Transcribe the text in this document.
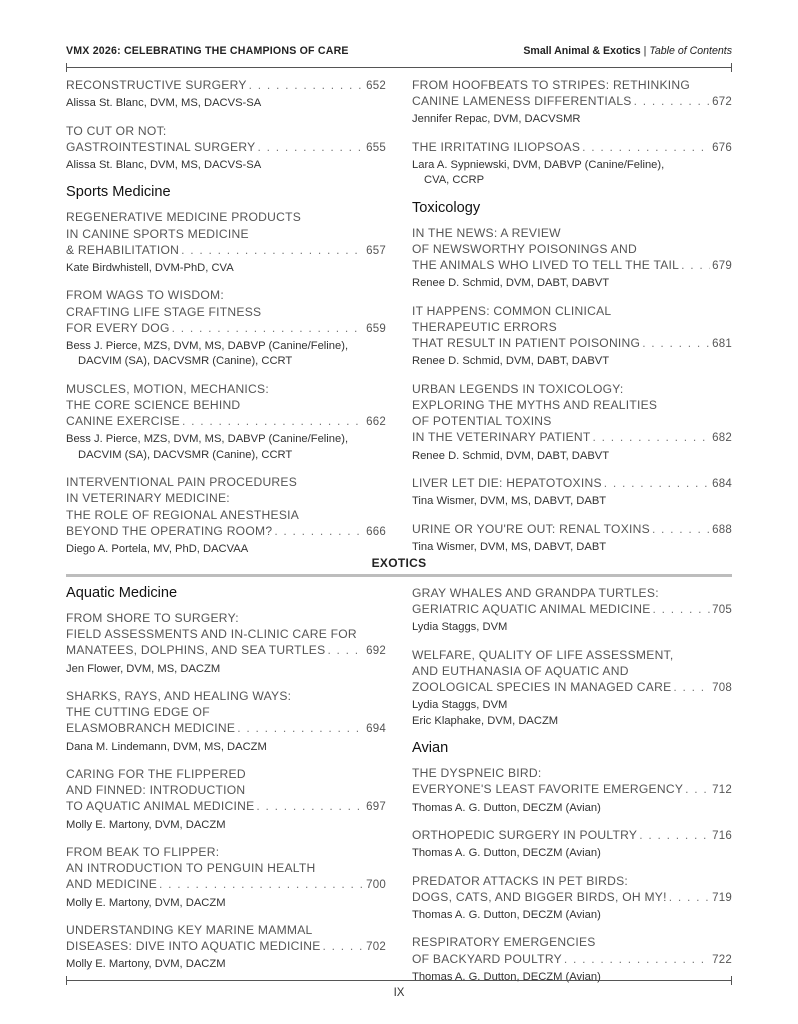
VMX 2026: CELEBRATING THE CHAMPIONS OF CARE	Small Animal & Exotics | Table of Contents
RECONSTRUCTIVE SURGERY . . .	652
Alissa St. Blanc, DVM, MS, DACVS-SA
TO CUT OR NOT:
GASTROINTESTINAL SURGERY . . .	655
Alissa St. Blanc, DVM, MS, DACVS-SA
Sports Medicine
REGENERATIVE MEDICINE PRODUCTS
IN CANINE SPORTS MEDICINE
& REHABILITATION . . .	657
Kate Birdwhistell, DVM-PhD, CVA
FROM WAGS TO WISDOM:
CRAFTING LIFE STAGE FITNESS
FOR EVERY DOG . . .	659
Bess J. Pierce, MZS, DVM, MS, DABVP (Canine/Feline),
DACVIM (SA), DACVSMR (Canine), CCRT
MUSCLES, MOTION, MECHANICS:
THE CORE SCIENCE BEHIND
CANINE EXERCISE . . .	662
Bess J. Pierce, MZS, DVM, MS, DABVP (Canine/Feline),
DACVIM (SA), DACVSMR (Canine), CCRT
INTERVENTIONAL PAIN PROCEDURES
IN VETERINARY MEDICINE:
THE ROLE OF REGIONAL ANESTHESIA
BEYOND THE OPERATING ROOM? . . .	666
Diego A. Portela, MV, PhD, DACVAA
FROM HOOFBEATS TO STRIPES: RETHINKING
CANINE LAMENESS DIFFERENTIALS . . .	672
Jennifer Repac, DVM, DACVSMR
THE IRRITATING ILIOPSOAS . . .	676
Lara A. Sypniewski, DVM, DABVP (Canine/Feline),
CVA, CCRP
Toxicology
IN THE NEWS: A REVIEW
OF NEWSWORTHY POISONINGS AND
THE ANIMALS WHO LIVED TO TELL THE TAIL . . .	679
Renee D. Schmid, DVM, DABT, DABVT
IT HAPPENS: COMMON CLINICAL
THERAPEUTIC ERRORS
THAT RESULT IN PATIENT POISONING . . .	681
Renee D. Schmid, DVM, DABT, DABVT
URBAN LEGENDS IN TOXICOLOGY:
EXPLORING THE MYTHS AND REALITIES
OF POTENTIAL TOXINS
IN THE VETERINARY PATIENT . . .	682
Renee D. Schmid, DVM, DABT, DABVT
LIVER LET DIE: HEPATOTOXINS . . .	684
Tina Wismer, DVM, MS, DABVT, DABT
URINE OR YOU'RE OUT: RENAL TOXINS . . .	688
Tina Wismer, DVM, MS, DABVT, DABT
EXOTICS
Aquatic Medicine
FROM SHORE TO SURGERY:
FIELD ASSESSMENTS AND IN-CLINIC CARE FOR
MANATEES, DOLPHINS, AND SEA TURTLES . . .	692
Jen Flower, DVM, MS, DACZM
SHARKS, RAYS, AND HEALING WAYS:
THE CUTTING EDGE OF
ELASMOBRANCH MEDICINE . . .	694
Dana M. Lindemann, DVM, MS, DACZM
CARING FOR THE FLIPPERED
AND FINNED: INTRODUCTION
TO AQUATIC ANIMAL MEDICINE . . .	697
Molly E. Martony, DVM, DACZM
FROM BEAK TO FLIPPER:
AN INTRODUCTION TO PENGUIN HEALTH
AND MEDICINE . . .	700
Molly E. Martony, DVM, DACZM
UNDERSTANDING KEY MARINE MAMMAL
DISEASES: DIVE INTO AQUATIC MEDICINE . . .	702
Molly E. Martony, DVM, DACZM
GRAY WHALES AND GRANDPA TURTLES:
GERIATRIC AQUATIC ANIMAL MEDICINE . . .	705
Lydia Staggs, DVM
WELFARE, QUALITY OF LIFE ASSESSMENT,
AND EUTHANASIA OF AQUATIC AND
ZOOLOGICAL SPECIES IN MANAGED CARE . . .	708
Lydia Staggs, DVM
Eric Klaphake, DVM, DACZM
Avian
THE DYSPNEIC BIRD:
EVERYONE'S LEAST FAVORITE EMERGENCY . . .	712
Thomas A. G. Dutton, DECZM (Avian)
ORTHOPEDIC SURGERY IN POULTRY . . .	716
Thomas A. G. Dutton, DECZM (Avian)
PREDATOR ATTACKS IN PET BIRDS:
DOGS, CATS, AND BIGGER BIRDS, OH MY! . . .	719
Thomas A. G. Dutton, DECZM (Avian)
RESPIRATORY EMERGENCIES
OF BACKYARD POULTRY . . .	722
Thomas A. G. Dutton, DECZM (Avian)
IX
